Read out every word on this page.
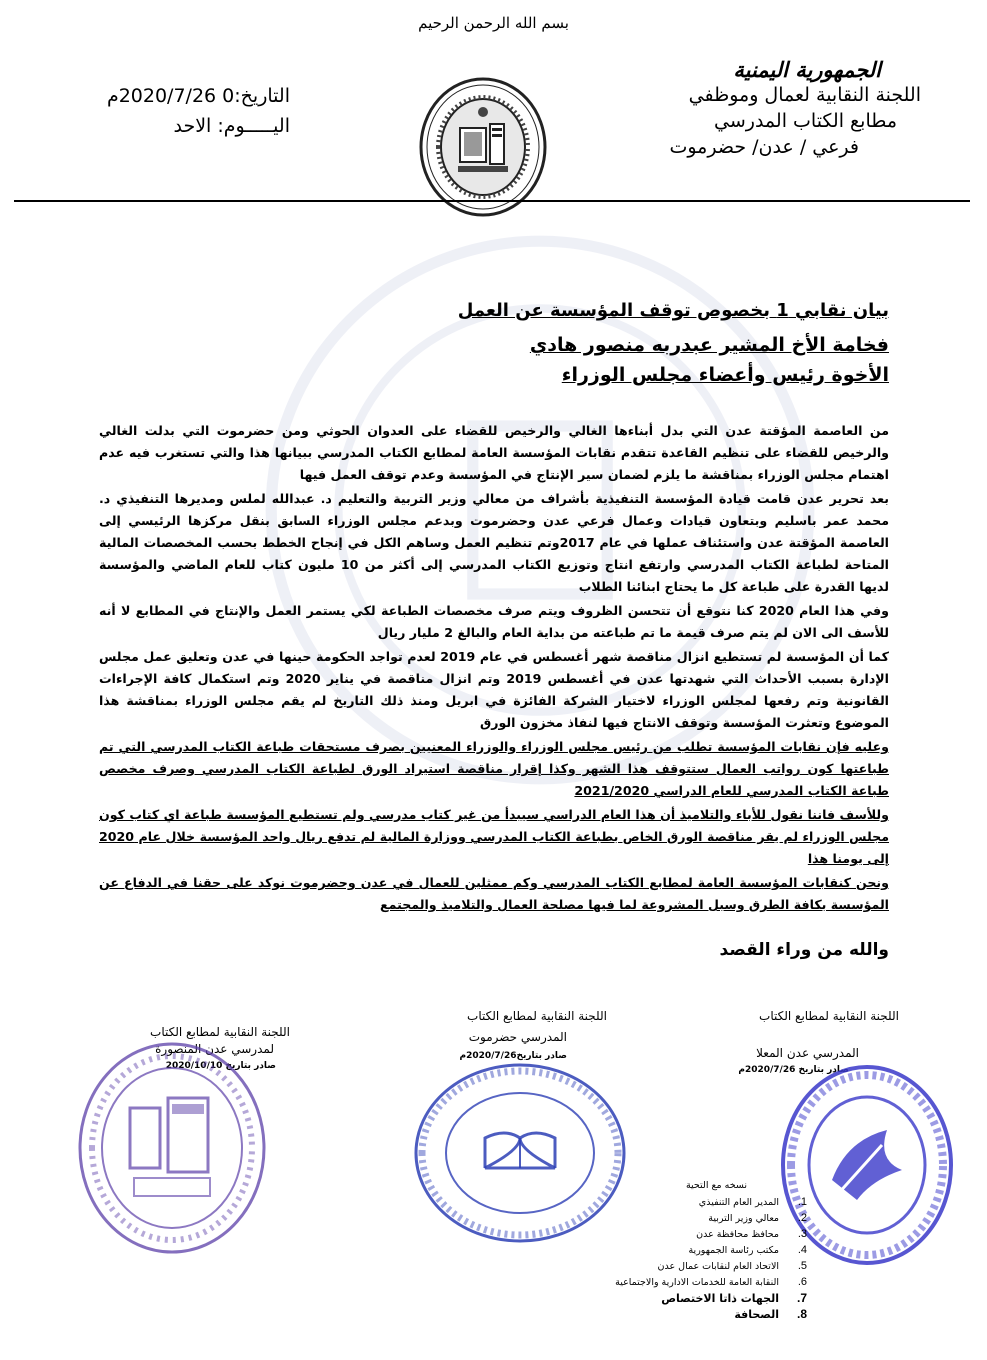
بسم الله الرحمن الرحيم
الجمهورية اليمنية
اللجنة النقابية لعمال وموظفي
مطابع الكتاب المدرسي
فرعي / عدن/ حضرموت
التاريخ:0 2020/7/26م
اليـــــوم: الاحد
بيان نقابي 1 بخصوص توقف المؤسسة عن العمل
فخامة الأخ المشير عبدربه منصور هادي
الأخوة رئيس وأعضاء مجلس الوزراء

من العاصمة المؤقتة عدن التي بدل أبناءها الغالي والرخيص للقضاء على العدوان الحوثي ومن حضرموت التي بدلت الغالي والرخيص للقضاء على تنظيم القاعدة تتقدم نقابات المؤسسة العامة لمطابع الكتاب المدرسي ببيانها هذا والتي تستغرب فيه عدم اهتمام مجلس الوزراء بمناقشة ما يلزم لضمان سير الإنتاج في المؤسسة وعدم توقف العمل فيها

بعد تحرير عدن قامت قيادة المؤسسة التنفيذية بأشراف من معالي وزير التربية والتعليم د. عبدالله لملس ومديرها التنفيذي د. محمد عمر باسليم وبتعاون قيادات وعمال فرعي عدن وحضرموت وبدعم مجلس الوزراء السابق بنقل مركزها الرئيسي إلى العاصمة المؤقتة عدن واستئناف عملها في عام 2017وتم تنظيم العمل وساهم الكل في إنجاح الخطط بحسب المخصصات المالية المتاحة لطباعة الكتاب المدرسي وارتفع انتاج وتوزيع الكتاب المدرسي إلى أكثر من 10 مليون كتاب للعام الماضي والمؤسسة لديها القدرة على طباعة كل ما يحتاج ابنائنا الطلاب

وفي هذا العام 2020 كنا نتوقع أن تتحسن الظروف ويتم صرف مخصصات الطباعة لكي يستمر العمل والإنتاج في المطابع لا أنه للأسف الى الان لم يتم صرف قيمة ما تم طباعته من بداية العام والبالغ 2 مليار ريال

كما أن المؤسسة لم تستطيع انزال مناقصة شهر أغسطس في عام 2019 لعدم تواجد الحكومة حينها في عدن وتعليق عمل مجلس الإدارة بسبب الأحداث التي شهدتها عدن في أغسطس 2019 وتم انزال مناقصة في يناير 2020 وتم استكمال كافة الإجراءات القانونية وتم رفعها لمجلس الوزراء لاختيار الشركة الفائزة في ابريل ومنذ ذلك التاريخ لم يقم مجلس الوزراء بمناقشة هذا الموضوع وتعثرت المؤسسة وتوقف الانتاج فيها لنفاذ مخزون الورق

وعليه فإن نقابات المؤسسة تطلب من رئيس مجلس الوزراء والوزراء المعنيين بصرف مستحقات طباعة الكتاب المدرسي التي تم طباعتها كون رواتب العمال ستتوقف هذا الشهر وكذا إقرار مناقصة استيراد الورق لطباعة الكتاب المدرسي وصرف مخصص طباعة الكتاب المدرسي للعام الدراسي 2021/2020

وللأسف فاننا نقول للأباء والتلاميذ أن هذا العام الدراسي سيبدأ من غير كتاب مدرسي ولم تستطيع المؤسسة طباعة اي كتاب كون مجلس الوزراء لم يقر مناقصة الورق الخاص بطباعة الكتاب المدرسي ووزارة المالية لم تدفع ريال واحد المؤسسة خلال عام 2020 إلى يومنا هذا

ونحن كنقابات المؤسسة العامة لمطابع الكتاب المدرسي وكم ممثلين للعمال في عدن وحضرموت نوكد على حقنا في الدفاع عن المؤسسة بكافة الطرق وسبل المشروعة لما فيها مصلحة العمال والتلاميذ والمجتمع

والله من وراء القصد
اللجنة النقابية لمطابع الكتاب
المدرسي عدن المعلا
صادر بتاريخ 2020/7/26م
اللجنة النقابية لمطابع الكتاب
المدرسي حضرموت
صادر بتاريخ2020/7/26م
اللجنة النقابية لمطابع الكتاب
لمدرسي عدن المنصورة
صادر بتاريخ 2020/10/10
نسخه مع التحية
1.
المدير العام التنفيذي
2.
معالي وزير التربية
3.
محافظ محافظة عدن
4.
مكتب رئاسة الجمهورية
5.
الاتحاد العام لنقابات عمال عدن
6.
النقابة العامة للخدمات الادارية والاجتماعية
7.
الجهات ذاتا الاختصاص
8.
الصحافة
